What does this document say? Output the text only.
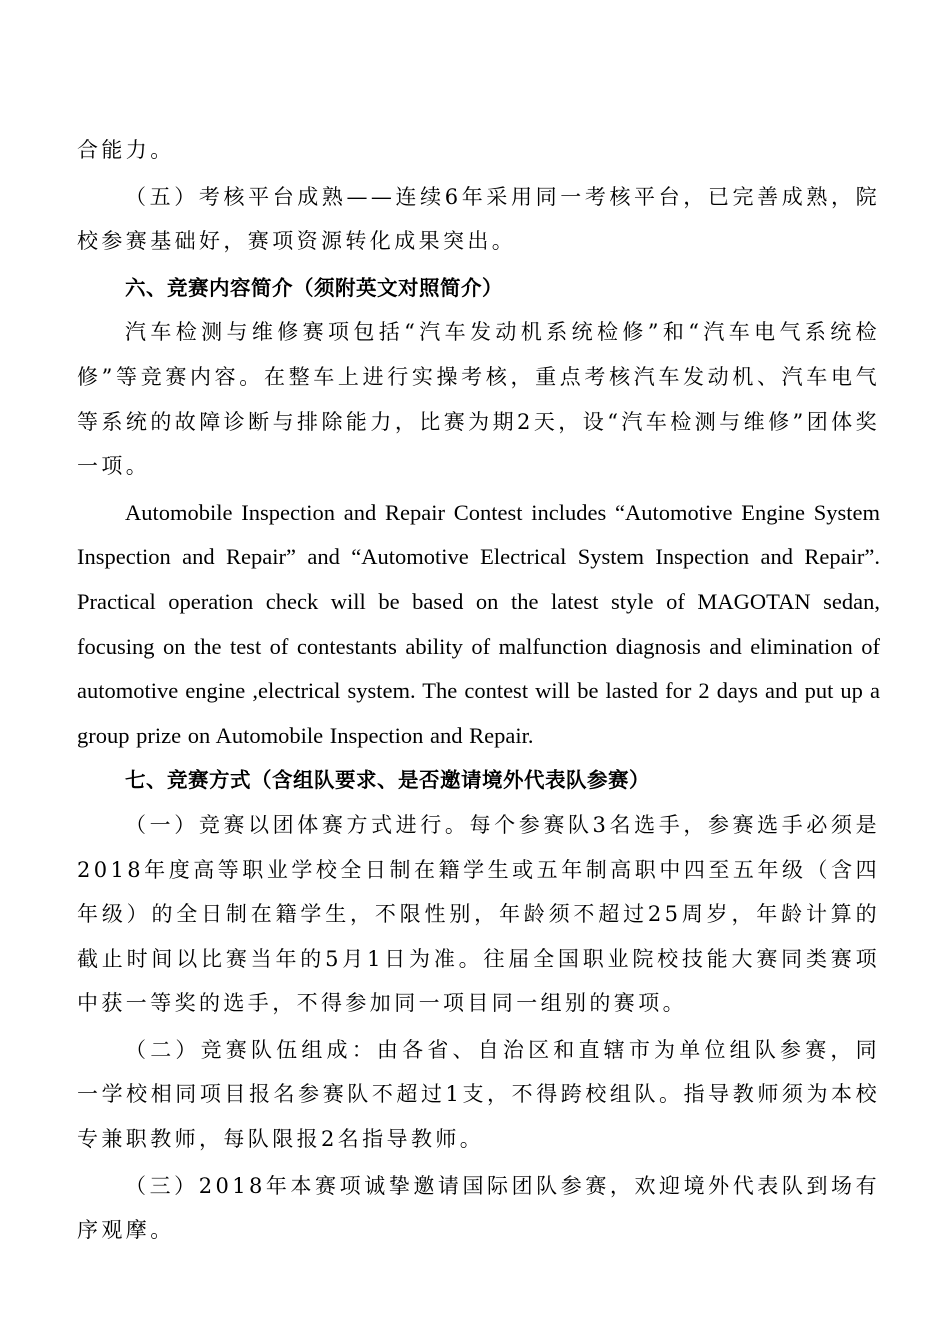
合能力。

（五）考核平台成熟——连续6年采用同一考核平台，已完善成熟，院校参赛基础好，赛项资源转化成果突出。

六、竞赛内容简介（须附英文对照简介）

汽车检测与维修赛项包括“汽车发动机系统检修”和“汽车电气系统检修”等竞赛内容。在整车上进行实操考核，重点考核汽车发动机、汽车电气等系统的故障诊断与排除能力，比赛为期2天，设“汽车检测与维修”团体奖一项。

Automobile Inspection and Repair Contest includes “Automotive Engine System Inspection and Repair” and “Automotive Electrical System Inspection and Repair”. Practical operation check will be based on the latest style of MAGOTAN sedan, focusing on the test of contestants ability of malfunction diagnosis and elimination of automotive engine ,electrical system. The contest will be lasted for 2 days and put up a group prize on Automobile Inspection and Repair.

七、竞赛方式（含组队要求、是否邀请境外代表队参赛）

（一）竞赛以团体赛方式进行。每个参赛队3名选手，参赛选手必须是2018年度高等职业学校全日制在籍学生或五年制高职中四至五年级（含四年级）的全日制在籍学生，不限性别，年龄须不超过25周岁，年龄计算的截止时间以比赛当年的5月1日为准。往届全国职业院校技能大赛同类赛项中获一等奖的选手，不得参加同一项目同一组别的赛项。

（二）竞赛队伍组成：由各省、自治区和直辖市为单位组队参赛，同一学校相同项目报名参赛队不超过1支，不得跨校组队。指导教师须为本校专兼职教师，每队限报2名指导教师。

（三）2018年本赛项诚挚邀请国际团队参赛，欢迎境外代表队到场有序观摩。
